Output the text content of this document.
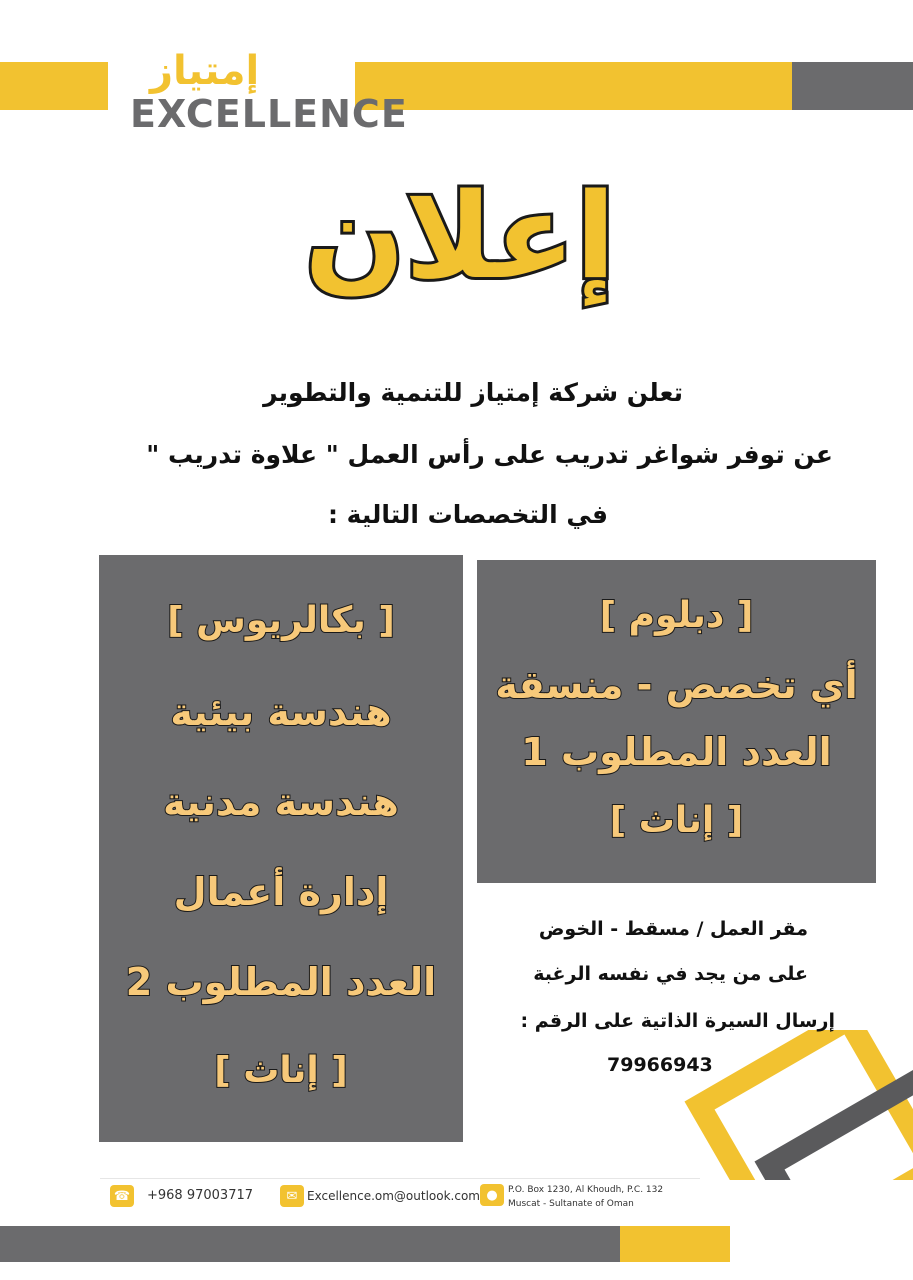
إمتياز
EXCELLENCE
إعلان
تعلن شركة إمتياز للتنمية والتطوير
عن توفر شواغر تدريب على رأس العمل " علاوة تدريب "
في التخصصات التالية :
[ بكالريوس ]
هندسة بيئية
هندسة مدنية
إدارة أعمال
العدد المطلوب 2
[ إناث ]
[ دبلوم ]
أي تخصص - منسقة
العدد المطلوب 1
[ إناث ]
مقر العمل / مسقط - الخوض
على من يجد في نفسه الرغبة
إرسال السيرة الذاتية على الرقم :
79966943
☎	+968 97003717	✉ Excellence.om@outlook.com ●	P.O. Box 1230, Al Khoudh, P.C. 132
Muscat - Sultanate of Oman
